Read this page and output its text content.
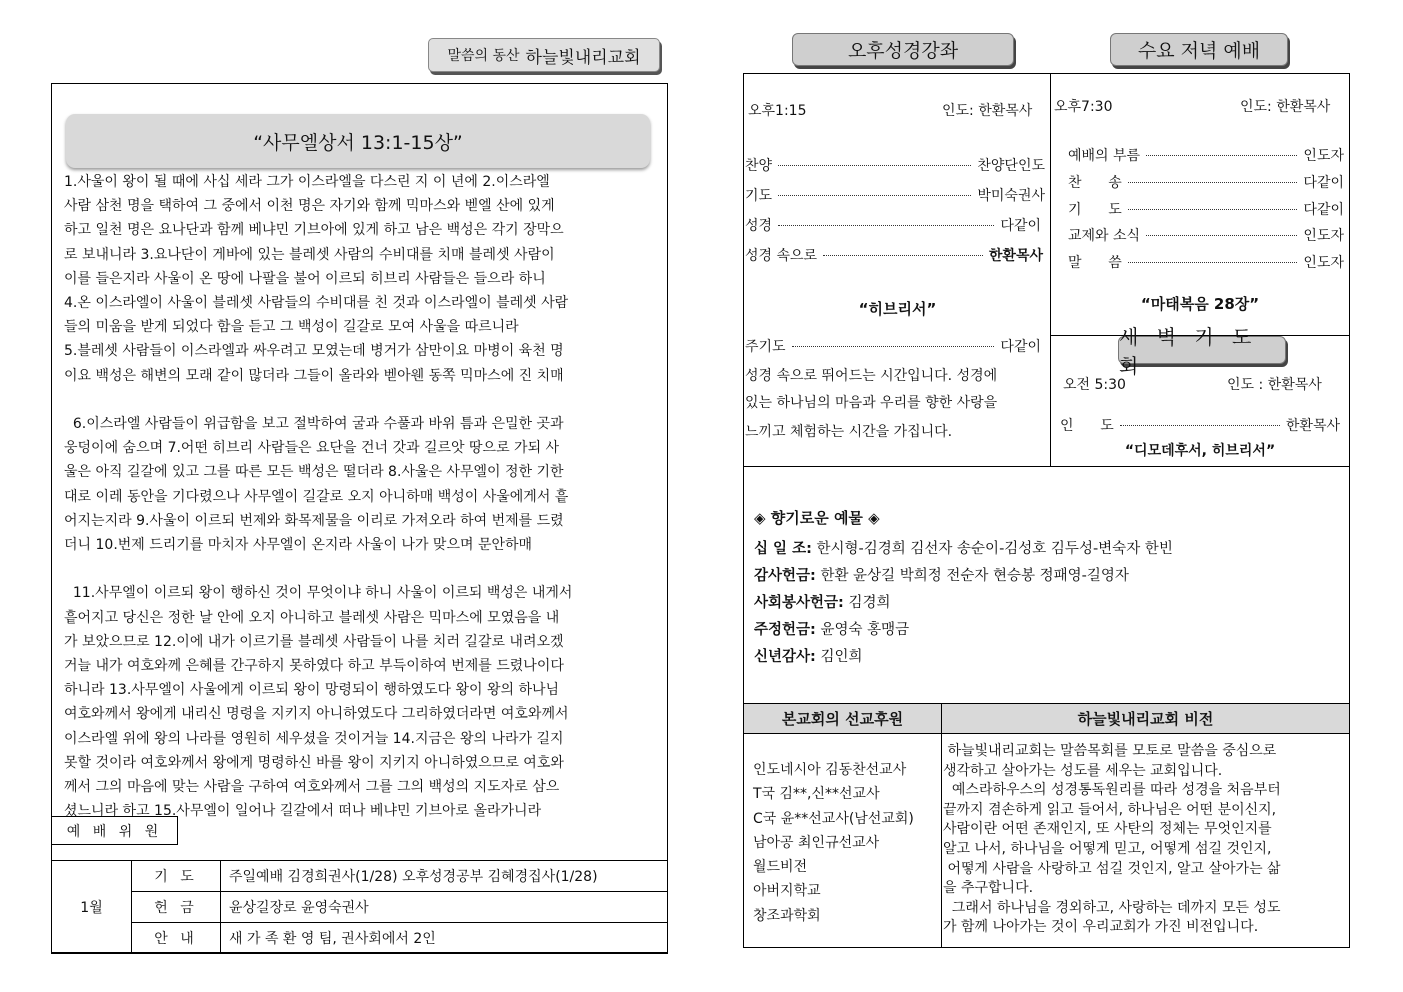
말씀의 동산 하늘빛내리교회
“사무엘상서 13:1-15상”

1.사울이 왕이 될 때에 사십 세라 그가 이스라엘을 다스린 지 이 년에 2.이스라엘

사람 삼천 명을 택하여 그 중에서 이천 명은 자기와 함께 믹마스와 벧엘 산에 있게

하고 일천 명은 요나단과 함께 베냐민 기브아에 있게 하고 남은 백성은 각기 장막으

로 보내니라 3.요나단이 게바에 있는 블레셋 사람의 수비대를 치매 블레셋 사람이

이를 들은지라 사울이 온 땅에 나팔을 불어 이르되 히브리 사람들은 들으라 하니

4.온 이스라엘이 사울이 블레셋 사람들의 수비대를 친 것과 이스라엘이 블레셋 사람

들의 미움을 받게 되었다 함을 듣고 그 백성이 길갈로 모여 사울을 따르니라

5.블레셋 사람들이 이스라엘과 싸우려고 모였는데 병거가 삼만이요 마병이 육천 명

이요 백성은 해변의 모래 같이 많더라 그들이 올라와 벧아웬 동쪽 믹마스에 진 치매

6.이스라엘 사람들이 위급함을 보고 절박하여 굴과 수풀과 바위 틈과 은밀한 곳과

웅덩이에 숨으며 7.어떤 히브리 사람들은 요단을 건너 갓과 길르앗 땅으로 가되 사

울은 아직 길갈에 있고 그를 따른 모든 백성은 떨더라 8.사울은 사무엘이 정한 기한

대로 이레 동안을 기다렸으나 사무엘이 길갈로 오지 아니하매 백성이 사울에게서 흩

어지는지라 9.사울이 이르되 번제와 화목제물을 이리로 가져오라 하여 번제를 드렸

더니 10.번제 드리기를 마치자 사무엘이 온지라 사울이 나가 맞으며 문안하매

11.사무엘이 이르되 왕이 행하신 것이 무엇이냐 하니 사울이 이르되 백성은 내게서

흩어지고 당신은 정한 날 안에 오지 아니하고 블레셋 사람은 믹마스에 모였음을 내

가 보았으므로 12.이에 내가 이르기를 블레셋 사람들이 나를 치러 길갈로 내려오겠

거늘 내가 여호와께 은혜를 간구하지 못하였다 하고 부득이하여 번제를 드렸나이다

하니라 13.사무엘이 사울에게 이르되 왕이 망령되이 행하였도다 왕이 왕의 하나님

여호와께서 왕에게 내리신 명령을 지키지 아니하였도다 그리하였더라면 여호와께서

이스라엘 위에 왕의 나라를 영원히 세우셨을 것이거늘 14.지금은 왕의 나라가 길지

못할 것이라 여호와께서 왕에게 명령하신 바를 왕이 지키지 아니하였으므로 여호와

께서 그의 마음에 맞는 사람을 구하여 여호와께서 그를 그의 백성의 지도자로 삼으

셨느니라 하고 15.사무엘이 일어나 길갈에서 떠나 베냐민 기브아로 올라가니라

예 배 위 원
1월	기 도	주일예배 김경희권사(1/28) 오후성경공부 김혜경집사(1/28)
	헌 금	윤상길장로 윤영숙권사
	안 내	새 가 족 환 영 팀, 권사회에서 2인
오후성경강좌	수요 저녁 예배
오후1:15	인도: 한환목사
찬양	찬양단인도
기도	박미숙권사
성경	다같이
성경 속으로	한환목사
“히브리서”
주기도	다같이
성경 속으로 뛰어드는 시간입니다. 성경에
있는 하나님의 마음과 우리를 향한 사랑을
느끼고 체험하는 시간을 가집니다.
오후7:30	인도: 한환목사
예배의 부름	인도자
찬      송	다같이
기      도	다같이
교제와 소식	인도자
말      씀	인도자
“마태복음 28장”
새 벽 기 도 회
오전 5:30	인도 : 한환목사
인      도	한환목사
“디모데후서, 히브리서”
◈ 향기로운 예물 ◈
십 일 조: 한시형-김경희 김선자 송순이-김성호 김두성-변숙자 한빈
감사헌금: 한환 윤상길 박희정 전순자 현승봉 정패영-길영자
사회봉사헌금: 김경희
주정헌금: 윤영숙 홍맹금
신년감사: 김인희
본교회의 선교후원	하늘빛내리교회 비전
인도네시아 김동찬선교사
T국 김**,신**선교사
C국 윤**선교사(남선교회)
남아공 최인규선교사
월드비전
아버지학교
창조과학회

하늘빛내리교회는 말씀목회를 모토로 말씀을 중심으로

생각하고 살아가는 성도를 세우는 교회입니다.

예스라하우스의 성경통독원리를 따라 성경을 처음부터

끝까지 겸손하게 읽고 들어서, 하나님은 어떤 분이신지,

사람이란 어떤 존재인지, 또 사탄의 정체는 무엇인지를

알고 나서, 하나님을 어떻게 믿고, 어떻게 섬길 것인지,

어떻게 사람을 사랑하고 섬길 것인지, 알고 살아가는 삶

을 추구합니다.

그래서 하나님을 경외하고, 사랑하는 데까지 모든 성도

가 함께 나아가는 것이 우리교회가 가진 비전입니다.
